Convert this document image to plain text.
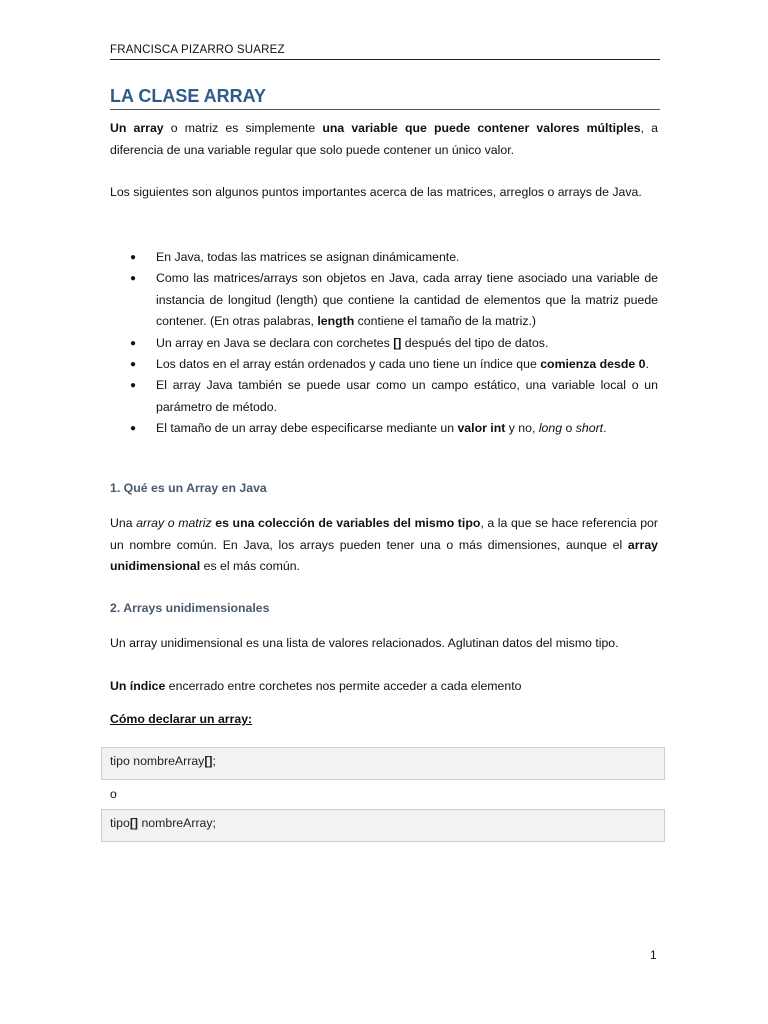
FRANCISCA PIZARRO SUAREZ
LA CLASE ARRAY

Un array o matriz es simplemente una variable que puede contener valores múltiples, a diferencia de una variable regular que solo puede contener un único valor.

Los siguientes son algunos puntos importantes acerca de las matrices, arreglos o arrays de Java.

● En Java, todas las matrices se asignan dinámicamente.
● Como las matrices/arrays son objetos en Java, cada array tiene asociado una variable de instancia de longitud (length) que contiene la cantidad de elementos que la matriz puede contener. (En otras palabras, length contiene el tamaño de la matriz.)
● Un array en Java se declara con corchetes [] después del tipo de datos.
● Los datos en el array están ordenados y cada uno tiene un índice que comienza desde 0.
● El array Java también se puede usar como un campo estático, una variable local o un parámetro de método.
● El tamaño de un array debe especificarse mediante un valor int y no, long o short.
1. Qué es un Array en Java

Una array o matriz es una colección de variables del mismo tipo, a la que se hace referencia por un nombre común. En Java, los arrays pueden tener una o más dimensiones, aunque el array unidimensional es el más común.

2. Arrays unidimensionales

Un array unidimensional es una lista de valores relacionados. Aglutinan datos del mismo tipo.

Un índice encerrado entre corchetes nos permite acceder a cada elemento

Cómo declarar un array:
tipo nombreArray[];
o
tipo[] nombreArray;
1
